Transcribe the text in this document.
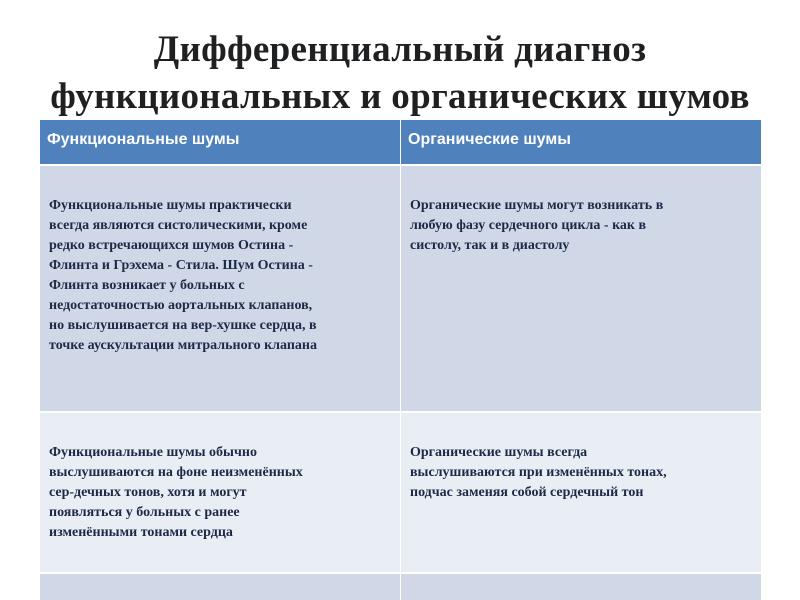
Дифференциальный диагноз
функциональных и органических шумов
Функциональные шумы	Органические шумы
Функциональные шумы практически
всегда являются систолическими, кроме
редко встречающихся шумов Остина -
Флинта и Грэхема - Стила. Шум Остина -
Флинта возникает у больных с
недостаточностью аортальных клапанов,
но выслушивается на вер-хушке сердца, в
точке аускультации митрального клапана
Органические шумы могут возникать в
любую фазу сердечного цикла - как в
систолу, так и в диастолу
Функциональные шумы обычно
выслушиваются на фоне неизменённых
сер-дечных тонов, хотя и могут
появляться у больных с ранее
изменёнными тонами сердца
Органические шумы всегда
выслушиваются при изменённых тонах,
подчас заменяя собой сердечный тон
